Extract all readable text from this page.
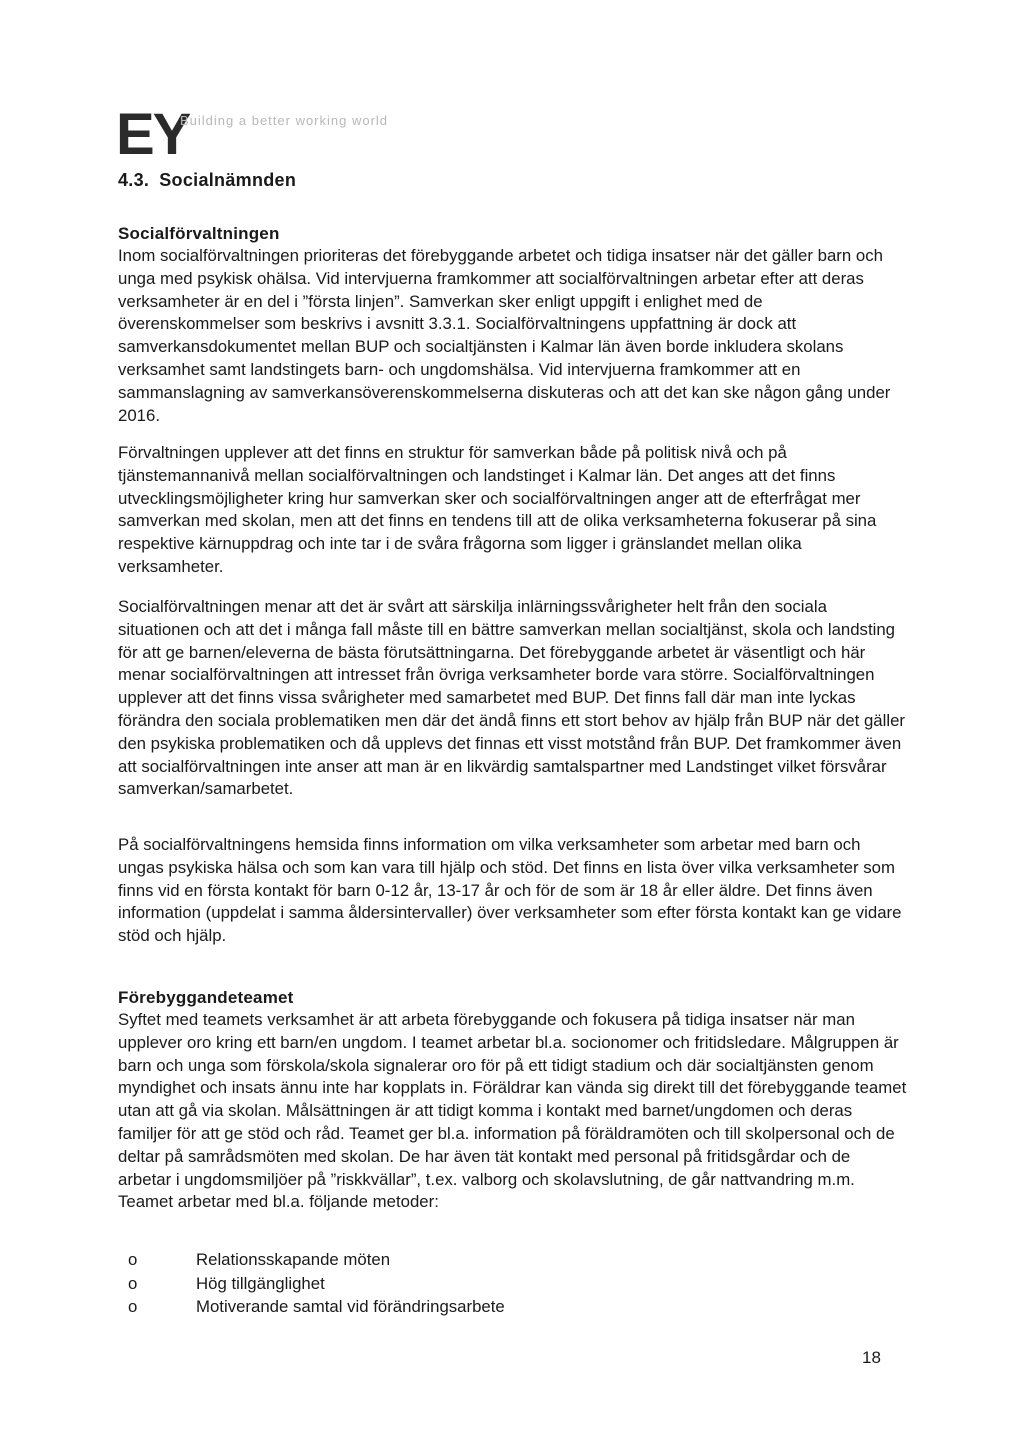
EY
Building a better working world
4.3. Socialnämnden
Socialförvaltningen

Inom socialförvaltningen prioriteras det förebyggande arbetet och tidiga insatser när det gäller barn och unga med psykisk ohälsa. Vid intervjuerna framkommer att socialförvaltningen arbetar efter att deras verksamheter är en del i ”första linjen”. Samverkan sker enligt uppgift i enlighet med de överenskommelser som beskrivs i avsnitt 3.3.1. Socialförvaltningens uppfattning är dock att samverkansdokumentet mellan BUP och socialtjänsten i Kalmar län även borde inkludera skolans verksamhet samt landstingets barn- och ungdomshälsa. Vid intervjuerna framkommer att en sammanslagning av samverkansöverenskommelserna diskuteras och att det kan ske någon gång under 2016.

Förvaltningen upplever att det finns en struktur för samverkan både på politisk nivå och på tjänstemannanivå mellan socialförvaltningen och landstinget i Kalmar län. Det anges att det finns utvecklingsmöjligheter kring hur samverkan sker och socialförvaltningen anger att de efterfrågat mer samverkan med skolan, men att det finns en tendens till att de olika verksamheterna fokuserar på sina respektive kärnuppdrag och inte tar i de svåra frågorna som ligger i gränslandet mellan olika verksamheter.

Socialförvaltningen menar att det är svårt att särskilja inlärningssvårigheter helt från den sociala situationen och att det i många fall måste till en bättre samverkan mellan socialtjänst, skola och landsting för att ge barnen/eleverna de bästa förutsättningarna. Det förebyggande arbetet är väsentligt och här menar socialförvaltningen att intresset från övriga verksamheter borde vara större. Socialförvaltningen upplever att det finns vissa svårigheter med samarbetet med BUP. Det finns fall där man inte lyckas förändra den sociala problematiken men där det ändå finns ett stort behov av hjälp från BUP när det gäller den psykiska problematiken och då upplevs det finnas ett visst motstånd från BUP. Det framkommer även att socialförvaltningen inte anser att man är en likvärdig samtalspartner med Landstinget vilket försvårar samverkan/samarbetet.

På socialförvaltningens hemsida finns information om vilka verksamheter som arbetar med barn och ungas psykiska hälsa och som kan vara till hjälp och stöd. Det finns en lista över vilka verksamheter som finns vid en första kontakt för barn 0-12 år, 13-17 år och för de som är 18 år eller äldre. Det finns även information (uppdelat i samma åldersintervaller) över verksamheter som efter första kontakt kan ge vidare stöd och hjälp.

Förebyggandeteamet

Syftet med teamets verksamhet är att arbeta förebyggande och fokusera på tidiga insatser när man upplever oro kring ett barn/en ungdom. I teamet arbetar bl.a. socionomer och fritidsledare. Målgruppen är barn och unga som förskola/skola signalerar oro för på ett tidigt stadium och där socialtjänsten genom myndighet och insats ännu inte har kopplats in. Föräldrar kan vända sig direkt till det förebyggande teamet utan att gå via skolan. Målsättningen är att tidigt komma i kontakt med barnet/ungdomen och deras familjer för att ge stöd och råd. Teamet ger bl.a. information på föräldramöten och till skolpersonal och de deltar på samrådsmöten med skolan. De har även tät kontakt med personal på fritidsgårdar och de arbetar i ungdomsmiljöer på ”riskkvällar”, t.ex. valborg och skolavslutning, de går nattvandring m.m. Teamet arbetar med bl.a. följande metoder:

o	Relationsskapande möten
o	Hög tillgänglighet
o	Motiverande samtal vid förändringsarbete
18
